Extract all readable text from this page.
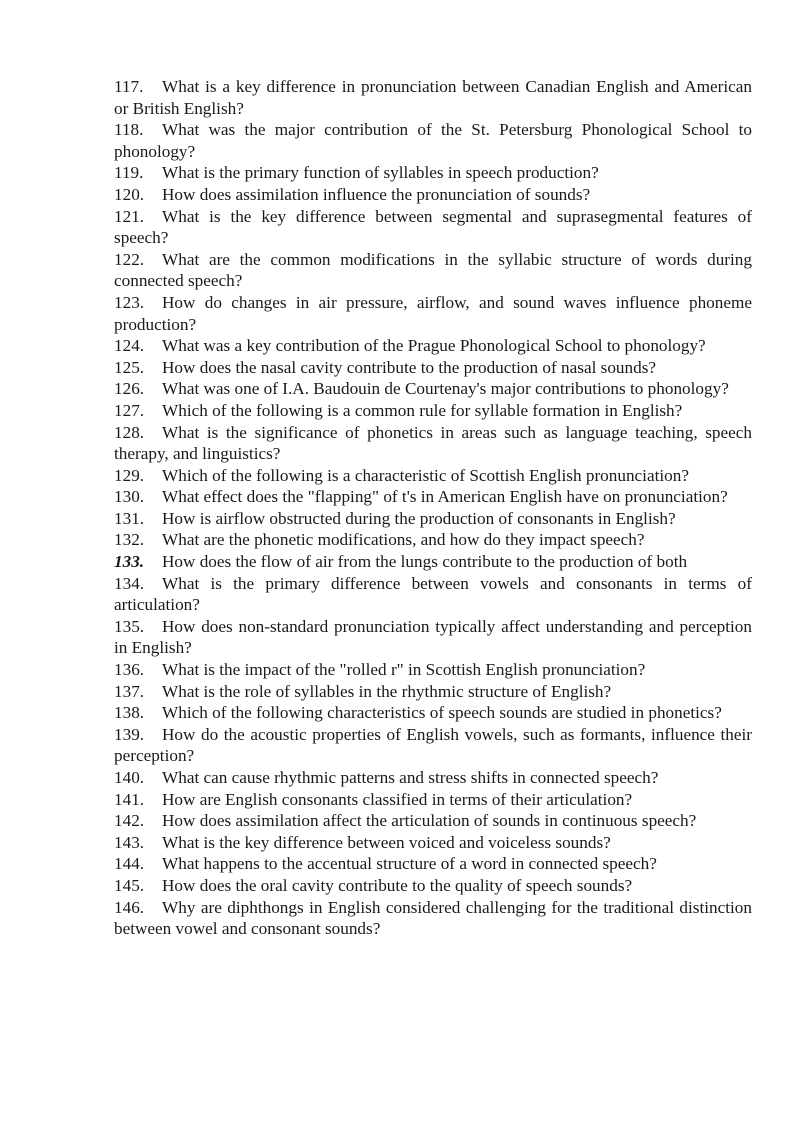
117. What is a key difference in pronunciation between Canadian English and American or British English?

118. What was the major contribution of the St. Petersburg Phonological School to phonology?

119. What is the primary function of syllables in speech production?

120. How does assimilation influence the pronunciation of sounds?

121. What is the key difference between segmental and suprasegmental features of speech?

122. What are the common modifications in the syllabic structure of words during connected speech?

123. How do changes in air pressure, airflow, and sound waves influence phoneme production?

124. What was a key contribution of the Prague Phonological School to phonology?

125. How does the nasal cavity contribute to the production of nasal sounds?

126. What was one of I.A. Baudouin de Courtenay's major contributions to phonology?

127. Which of the following is a common rule for syllable formation in English?

128. What is the significance of phonetics in areas such as language teaching, speech therapy, and linguistics?

129. Which of the following is a characteristic of Scottish English pronunciation?

130. What effect does the "flapping" of t's in American English have on pronunciation?

131. How is airflow obstructed during the production of consonants in English?

132. What are the phonetic modifications, and how do they impact speech?

133. How does the flow of air from the lungs contribute to the production of both

134. What is the primary difference between vowels and consonants in terms of articulation?

135. How does non-standard pronunciation typically affect understanding and perception in English?

136. What is the impact of the "rolled r" in Scottish English pronunciation?

137. What is the role of syllables in the rhythmic structure of English?

138. Which of the following characteristics of speech sounds are studied in phonetics?

139. How do the acoustic properties of English vowels, such as formants, influence their perception?

140. What can cause rhythmic patterns and stress shifts in connected speech?

141. How are English consonants classified in terms of their articulation?

142. How does assimilation affect the articulation of sounds in continuous speech?

143. What is the key difference between voiced and voiceless sounds?

144. What happens to the accentual structure of a word in connected speech?

145. How does the oral cavity contribute to the quality of speech sounds?

146. Why are diphthongs in English considered challenging for the traditional distinction between vowel and consonant sounds?
